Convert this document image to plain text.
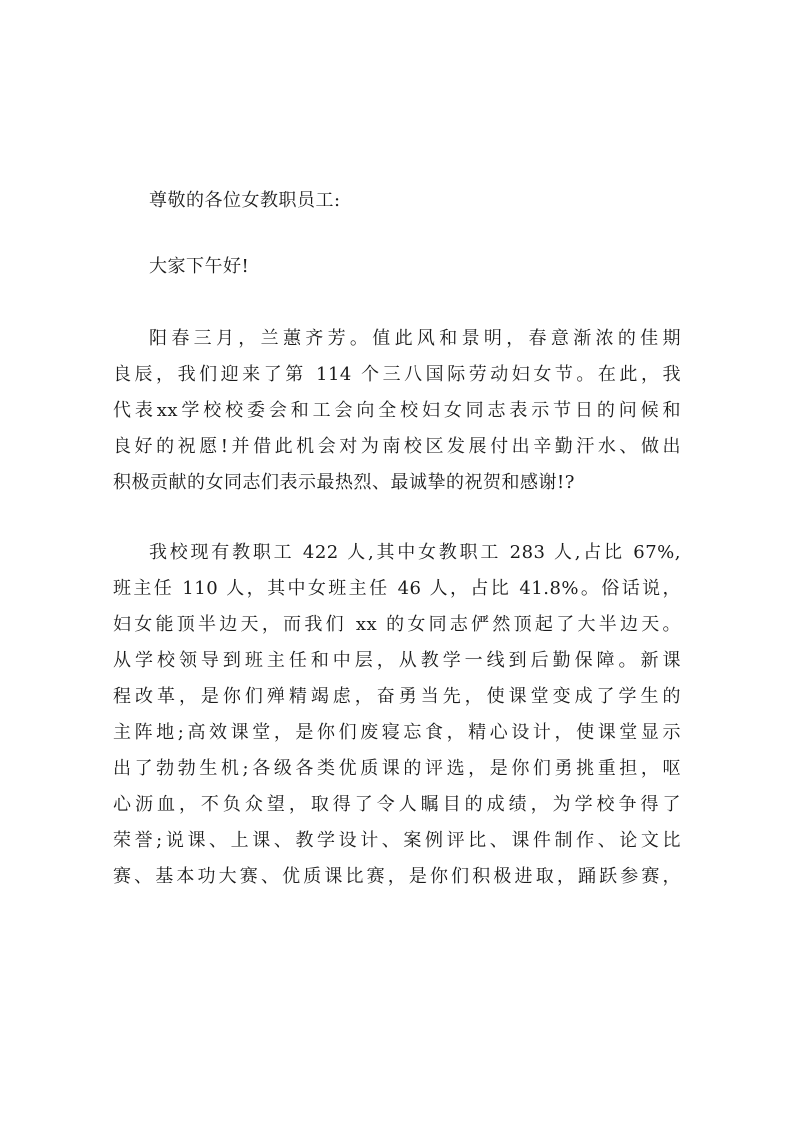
尊敬的各位女教职员工:

大家下午好!

阳春三月，兰蕙齐芳。值此风和景明，春意渐浓的佳期
良辰，我们迎来了第 114 个三八国际劳动妇女节。在此，我
代表xx学校校委会和工会向全校妇女同志表示节日的问候和
良好的祝愿!并借此机会对为南校区发展付出辛勤汗水、做出
积极贡献的女同志们表示最热烈、最诚挚的祝贺和感谢!?
我校现有教职工 422 人,其中女教职工 283 人,占比 67%,
班主任 110 人，其中女班主任 46 人，占比 41.8%。俗话说，
妇女能顶半边天，而我们 xx 的女同志俨然顶起了大半边天。
从学校领导到班主任和中层，从教学一线到后勤保障。新课
程改革，是你们殚精竭虑，奋勇当先，使课堂变成了学生的
主阵地;高效课堂，是你们废寝忘食，精心设计，使课堂显示
出了勃勃生机;各级各类优质课的评选，是你们勇挑重担，呕
心沥血，不负众望，取得了令人瞩目的成绩，为学校争得了
荣誉;说课、上课、教学设计、案例评比、课件制作、论文比
赛、基本功大赛、优质课比赛，是你们积极进取，踊跃参赛，
